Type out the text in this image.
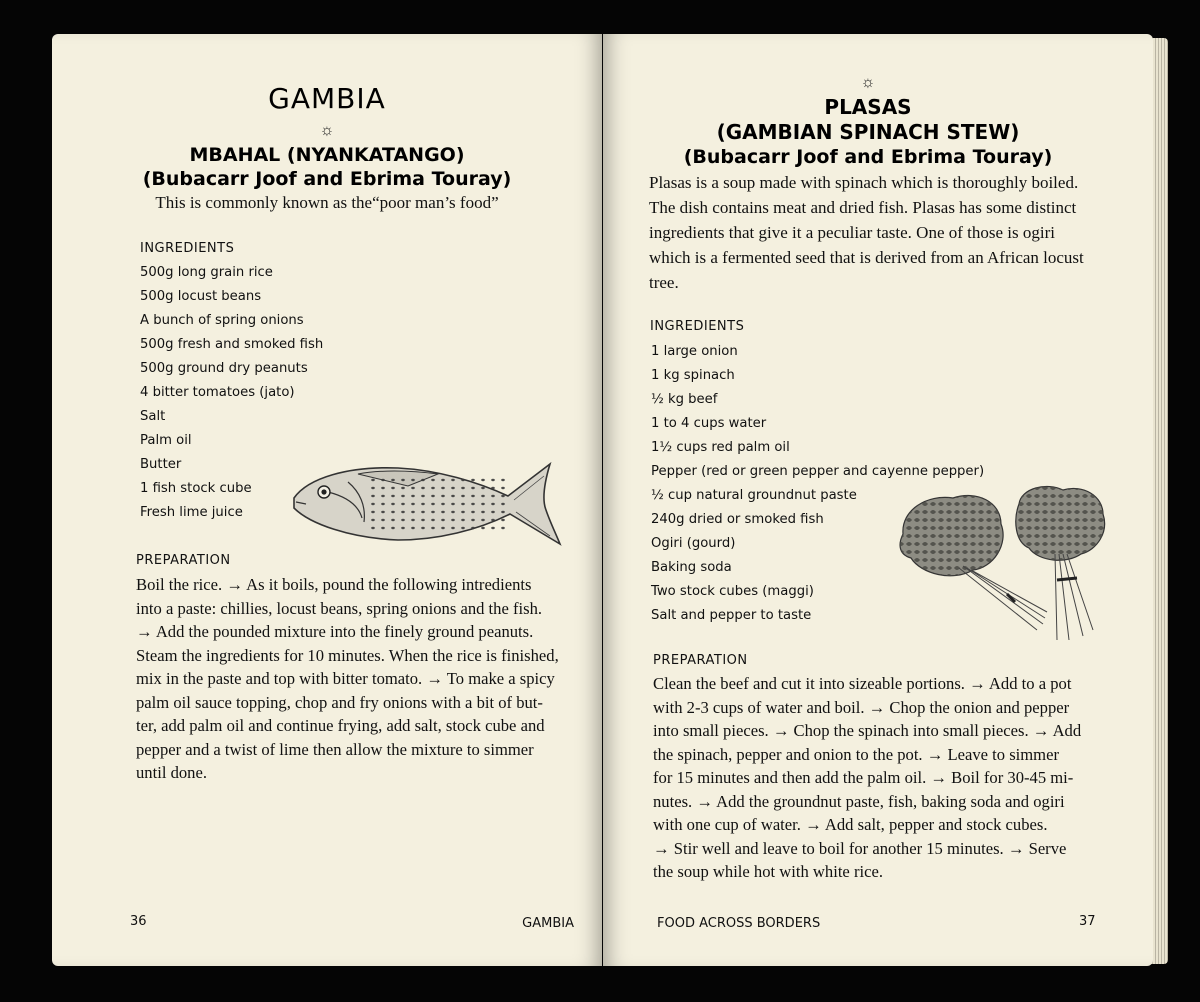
GAMBIA
☼
MBAHAL (NYANKATANGO)
(Bubacarr Joof and Ebrima Touray)
This is commonly known as the“poor man’s food”
INGREDIENTS
500g long grain rice
500g locust beans
A bunch of spring onions
500g fresh and smoked fish
500g ground dry peanuts
4 bitter tomatoes (jato)
Salt
Palm oil
Butter
1 fish stock cube
Fresh lime juice
PREPARATION
Boil the rice. → As it boils, pound the following intredients
into a paste: chillies, locust beans, spring onions and the fish.
→ Add the pounded mixture into the finely ground peanuts.
Steam the ingredients for 10 minutes. When the rice is finished,
mix in the paste and top with bitter tomato. → To make a spicy
palm oil sauce topping, chop and fry onions with a bit of but-
ter, add palm oil and continue frying, add salt, stock cube and
pepper and a twist of lime then allow the mixture to simmer
until done.
36	GAMBIA
☼
PLASAS
(GAMBIAN SPINACH STEW)
(Bubacarr Joof and Ebrima Touray)
Plasas is a soup made with spinach which is thoroughly boiled.
The dish contains meat and dried fish. Plasas has some distinct
ingredients that give it a peculiar taste. One of those is ogiri
which is a fermented seed that is derived from an African locust
tree.
INGREDIENTS
1 large onion
1 kg spinach
½ kg beef
1 to 4 cups water
1½ cups red palm oil
Pepper (red or green pepper and cayenne pepper)
½ cup natural groundnut paste
240g dried or smoked fish
Ogiri (gourd)
Baking soda
Two stock cubes (maggi)
Salt and pepper to taste
PREPARATION
Clean the beef and cut it into sizeable portions. → Add to a pot
with 2-3 cups of water and boil. → Chop the onion and pepper
into small pieces. → Chop the spinach into small pieces. → Add
the spinach, pepper and onion to the pot. → Leave to simmer
for 15 minutes and then add the palm oil. → Boil for 30-45 mi-
nutes. → Add the groundnut paste, fish, baking soda and ogiri
with one cup of water. → Add salt, pepper and stock cubes.
→ Stir well and leave to boil for another 15 minutes. → Serve
the soup while hot with white rice.
FOOD ACROSS BORDERS	37
